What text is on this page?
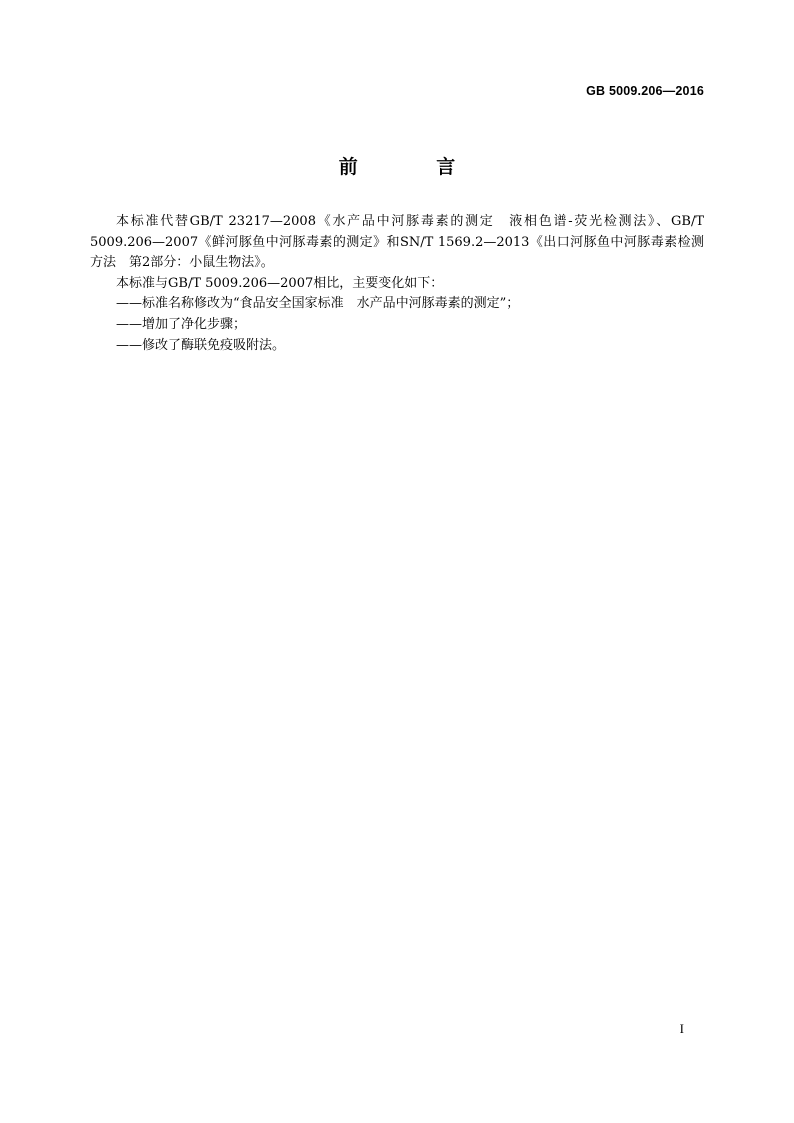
GB 5009.206—2016
前 言

本标准代替GB/T 23217—2008《水产品中河豚毒素的测定　液相色谱-荧光检测法》、GB/T 5009.206—2007《鲜河豚鱼中河豚毒素的测定》和SN/T 1569.2—2013《出口河豚鱼中河豚毒素检测方法　第2部分：小鼠生物法》。

本标准与GB/T 5009.206—2007相比，主要变化如下：

——标准名称修改为“食品安全国家标准　水产品中河豚毒素的测定”；
——增加了净化步骤；
——修改了酶联免疫吸附法。
I
